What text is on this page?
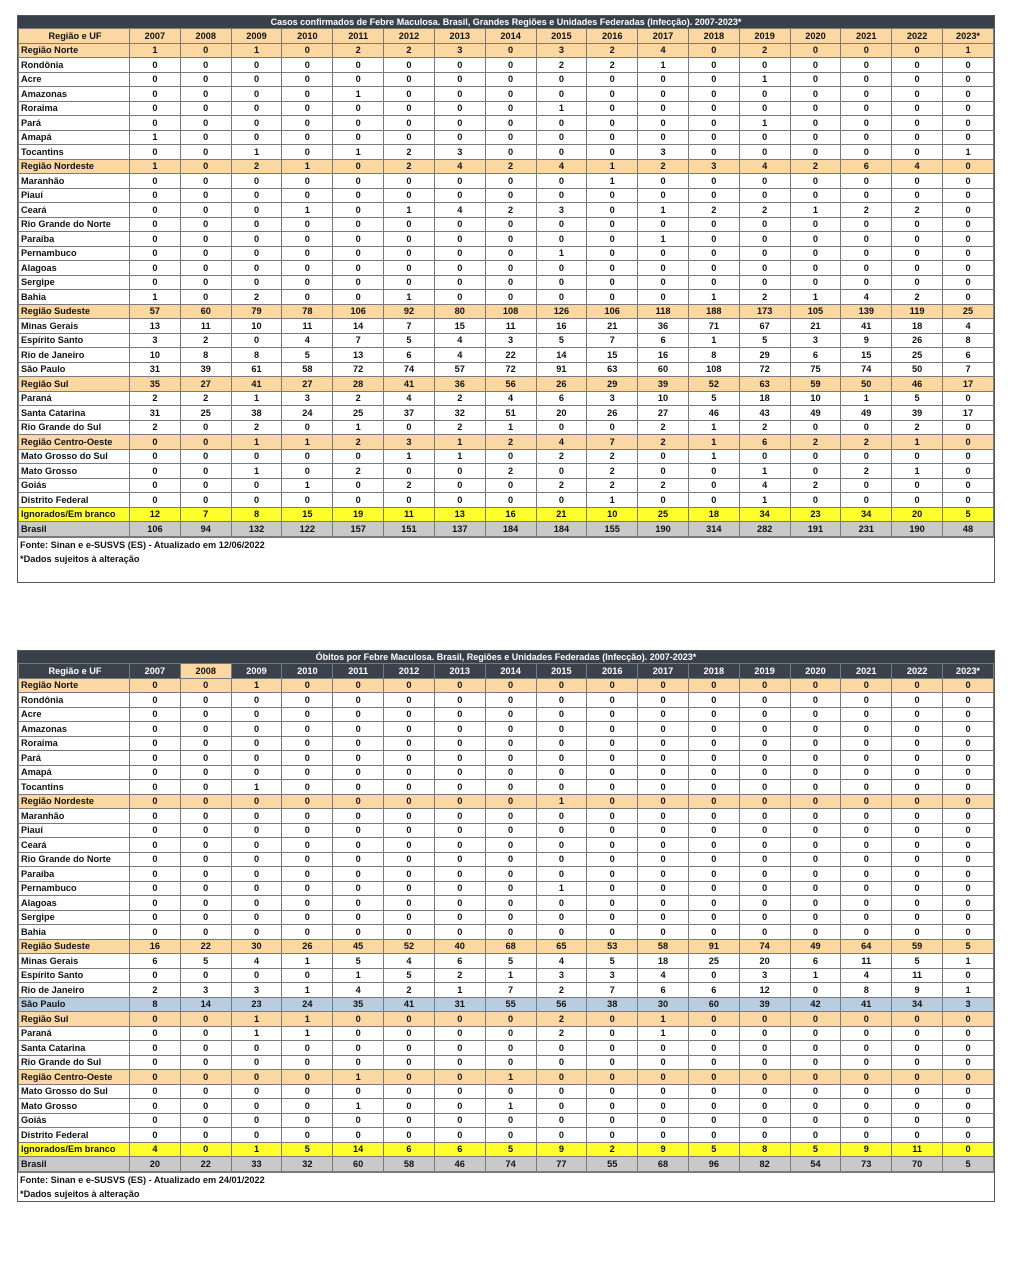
Casos confirmados de Febre Maculosa. Brasil, Grandes Regiões e Unidades Federadas (Infecção). 2007-2023*
Região e UF	2007	2008	2009	2010	2011	2012	2013	2014	2015	2016	2017	2018	2019	2020	2021	2022	2023*
Região Norte	1	0	1	0	2	2	3	0	3	2	4	0	2	0	0	0	1
Rondônia	0	0	0	0	0	0	0	0	2	2	1	0	0	0	0	0	0
Acre	0	0	0	0	0	0	0	0	0	0	0	0	1	0	0	0	0
Amazonas	0	0	0	0	1	0	0	0	0	0	0	0	0	0	0	0	0
Roraima	0	0	0	0	0	0	0	0	1	0	0	0	0	0	0	0	0
Pará	0	0	0	0	0	0	0	0	0	0	0	0	1	0	0	0	0
Amapá	1	0	0	0	0	0	0	0	0	0	0	0	0	0	0	0	0
Tocantins	0	0	1	0	1	2	3	0	0	0	3	0	0	0	0	0	1
Região Nordeste	1	0	2	1	0	2	4	2	4	1	2	3	4	2	6	4	0
Maranhão	0	0	0	0	0	0	0	0	0	1	0	0	0	0	0	0	0
Piauí	0	0	0	0	0	0	0	0	0	0	0	0	0	0	0	0	0
Ceará	0	0	0	1	0	1	4	2	3	0	1	2	2	1	2	2	0
Rio Grande do Norte	0	0	0	0	0	0	0	0	0	0	0	0	0	0	0	0	0
Paraíba	0	0	0	0	0	0	0	0	0	0	1	0	0	0	0	0	0
Pernambuco	0	0	0	0	0	0	0	0	1	0	0	0	0	0	0	0	0
Alagoas	0	0	0	0	0	0	0	0	0	0	0	0	0	0	0	0	0
Sergipe	0	0	0	0	0	0	0	0	0	0	0	0	0	0	0	0	0
Bahia	1	0	2	0	0	1	0	0	0	0	0	1	2	1	4	2	0
Região Sudeste	57	60	79	78	106	92	80	108	126	106	118	188	173	105	139	119	25
Minas Gerais	13	11	10	11	14	7	15	11	16	21	36	71	67	21	41	18	4
Espírito Santo	3	2	0	4	7	5	4	3	5	7	6	1	5	3	9	26	8
Rio de Janeiro	10	8	8	5	13	6	4	22	14	15	16	8	29	6	15	25	6
São Paulo	31	39	61	58	72	74	57	72	91	63	60	108	72	75	74	50	7
Região Sul	35	27	41	27	28	41	36	56	26	29	39	52	63	59	50	46	17
Paraná	2	2	1	3	2	4	2	4	6	3	10	5	18	10	1	5	0
Santa Catarina	31	25	38	24	25	37	32	51	20	26	27	46	43	49	49	39	17
Rio Grande do Sul	2	0	2	0	1	0	2	1	0	0	2	1	2	0	0	2	0
Região Centro-Oeste	0	0	1	1	2	3	1	2	4	7	2	1	6	2	2	1	0
Mato Grosso do Sul	0	0	0	0	0	1	1	0	2	2	0	1	0	0	0	0	0
Mato Grosso	0	0	1	0	2	0	0	2	0	2	0	0	1	0	2	1	0
Goiás	0	0	0	1	0	2	0	0	2	2	2	0	4	2	0	0	0
Distrito Federal	0	0	0	0	0	0	0	0	0	1	0	0	1	0	0	0	0
Ignorados/Em branco	12	7	8	15	19	11	13	16	21	10	25	18	34	23	34	20	5
Brasil	106	94	132	122	157	151	137	184	184	155	190	314	282	191	231	190	48
Fonte: Sinan e e-SUSVS (ES) - Atualizado em 12/06/2022
*Dados sujeitos à alteração
Óbitos por Febre Maculosa. Brasil, Regiões e Unidades Federadas (Infecção). 2007-2023*
Região e UF	2007	2008	2009	2010	2011	2012	2013	2014	2015	2016	2017	2018	2019	2020	2021	2022	2023*
Região Norte	0	0	1	0	0	0	0	0	0	0	0	0	0	0	0	0	0
Rondônia	0	0	0	0	0	0	0	0	0	0	0	0	0	0	0	0	0
Acre	0	0	0	0	0	0	0	0	0	0	0	0	0	0	0	0	0
Amazonas	0	0	0	0	0	0	0	0	0	0	0	0	0	0	0	0	0
Roraima	0	0	0	0	0	0	0	0	0	0	0	0	0	0	0	0	0
Pará	0	0	0	0	0	0	0	0	0	0	0	0	0	0	0	0	0
Amapá	0	0	0	0	0	0	0	0	0	0	0	0	0	0	0	0	0
Tocantins	0	0	1	0	0	0	0	0	0	0	0	0	0	0	0	0	0
Região Nordeste	0	0	0	0	0	0	0	0	1	0	0	0	0	0	0	0	0
Maranhão	0	0	0	0	0	0	0	0	0	0	0	0	0	0	0	0	0
Piauí	0	0	0	0	0	0	0	0	0	0	0	0	0	0	0	0	0
Ceará	0	0	0	0	0	0	0	0	0	0	0	0	0	0	0	0	0
Rio Grande do Norte	0	0	0	0	0	0	0	0	0	0	0	0	0	0	0	0	0
Paraíba	0	0	0	0	0	0	0	0	0	0	0	0	0	0	0	0	0
Pernambuco	0	0	0	0	0	0	0	0	1	0	0	0	0	0	0	0	0
Alagoas	0	0	0	0	0	0	0	0	0	0	0	0	0	0	0	0	0
Sergipe	0	0	0	0	0	0	0	0	0	0	0	0	0	0	0	0	0
Bahia	0	0	0	0	0	0	0	0	0	0	0	0	0	0	0	0	0
Região Sudeste	16	22	30	26	45	52	40	68	65	53	58	91	74	49	64	59	5
Minas Gerais	6	5	4	1	5	4	6	5	4	5	18	25	20	6	11	5	1
Espírito Santo	0	0	0	0	1	5	2	1	3	3	4	0	3	1	4	11	0
Rio de Janeiro	2	3	3	1	4	2	1	7	2	7	6	6	12	0	8	9	1
São Paulo	8	14	23	24	35	41	31	55	56	38	30	60	39	42	41	34	3
Região Sul	0	0	1	1	0	0	0	0	2	0	1	0	0	0	0	0	0
Paraná	0	0	1	1	0	0	0	0	2	0	1	0	0	0	0	0	0
Santa Catarina	0	0	0	0	0	0	0	0	0	0	0	0	0	0	0	0	0
Rio Grande do Sul	0	0	0	0	0	0	0	0	0	0	0	0	0	0	0	0	0
Região Centro-Oeste	0	0	0	0	1	0	0	1	0	0	0	0	0	0	0	0	0
Mato Grosso do Sul	0	0	0	0	0	0	0	0	0	0	0	0	0	0	0	0	0
Mato Grosso	0	0	0	0	1	0	0	1	0	0	0	0	0	0	0	0	0
Goiás	0	0	0	0	0	0	0	0	0	0	0	0	0	0	0	0	0
Distrito Federal	0	0	0	0	0	0	0	0	0	0	0	0	0	0	0	0	0
Ignorados/Em branco	4	0	1	5	14	6	6	5	9	2	9	5	8	5	9	11	0
Brasil	20	22	33	32	60	58	46	74	77	55	68	96	82	54	73	70	5
Fonte: Sinan e e-SUSVS (ES) - Atualizado em 24/01/2022
*Dados sujeitos à alteração
